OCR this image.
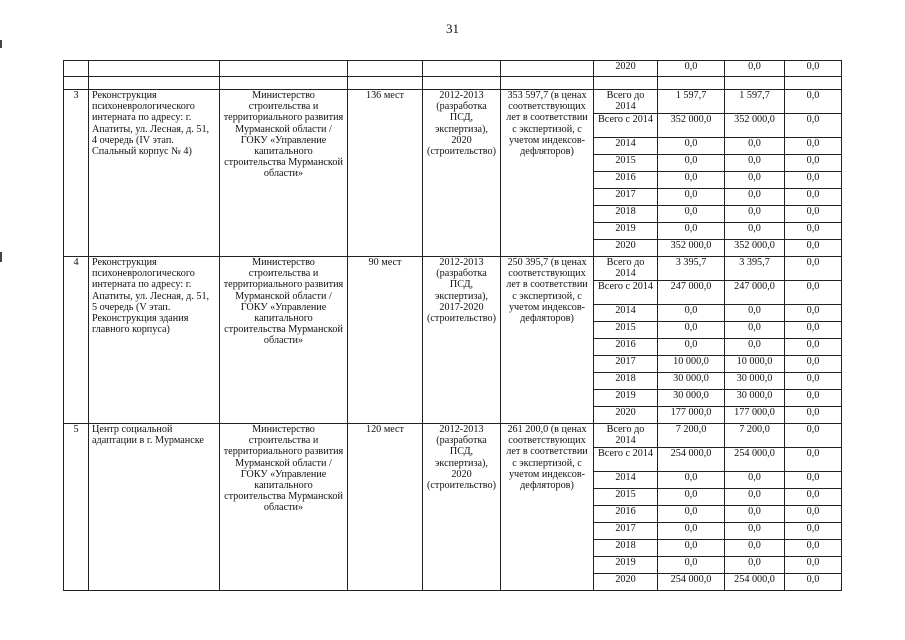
31
						2020	0,0	0,0	0,0

3	Реконструкция психоневрологического интерната по адресу: г. Апатиты, ул. Лесная, д. 51, 4 очередь (IV этап. Спальный корпус № 4)	Министерство строительства и территориального развития Мурманской области / ГОКУ «Управление капитального строительства Мурманской области»	136 мест	2012-2013 (разработка ПСД, экспертиза), 2020 (строительство)	353 597,7 (в ценах соответствующих лет в соответствии с экспертизой, с учетом индексов-дефляторов)	Всего до 2014	1 597,7	1 597,7	0,0
						Всего с 2014	352 000,0	352 000,0	0,0
						2014	0,0	0,0	0,0
						2015	0,0	0,0	0,0
						2016	0,0	0,0	0,0
						2017	0,0	0,0	0,0
						2018	0,0	0,0	0,0
						2019	0,0	0,0	0,0
						2020	352 000,0	352 000,0	0,0
4	Реконструкция психоневрологического интерната по адресу: г. Апатиты, ул. Лесная, д. 51, 5 очередь (V этап. Реконструкция здания главного корпуса)	Министерство строительства и территориального развития Мурманской области / ГОКУ «Управление капитального строительства Мурманской области»	90 мест	2012-2013 (разработка ПСД, экспертиза), 2017-2020 (строительство)	250 395,7 (в ценах соответствующих лет в соответствии с экспертизой, с учетом индексов-дефляторов)	Всего до 2014	3 395,7	3 395,7	0,0
						Всего с 2014	247 000,0	247 000,0	0,0
						2014	0,0	0,0	0,0
						2015	0,0	0,0	0,0
						2016	0,0	0,0	0,0
						2017	10 000,0	10 000,0	0,0
						2018	30 000,0	30 000,0	0,0
						2019	30 000,0	30 000,0	0,0
						2020	177 000,0	177 000,0	0,0
5	Центр социальной адаптации в г. Мурманске	Министерство строительства и территориального развития Мурманской области / ГОКУ «Управление капитального строительства Мурманской области»	120 мест	2012-2013 (разработка ПСД, экспертиза), 2020 (строительство)	261 200,0 (в ценах соответствующих лет в соответствии с экспертизой, с учетом индексов-дефляторов)	Всего до 2014	7 200,0	7 200,0	0,0
						Всего с 2014	254 000,0	254 000,0	0,0
						2014	0,0	0,0	0,0
						2015	0,0	0,0	0,0
						2016	0,0	0,0	0,0
						2017	0,0	0,0	0,0
						2018	0,0	0,0	0,0
						2019	0,0	0,0	0,0
						2020	254 000,0	254 000,0	0,0
